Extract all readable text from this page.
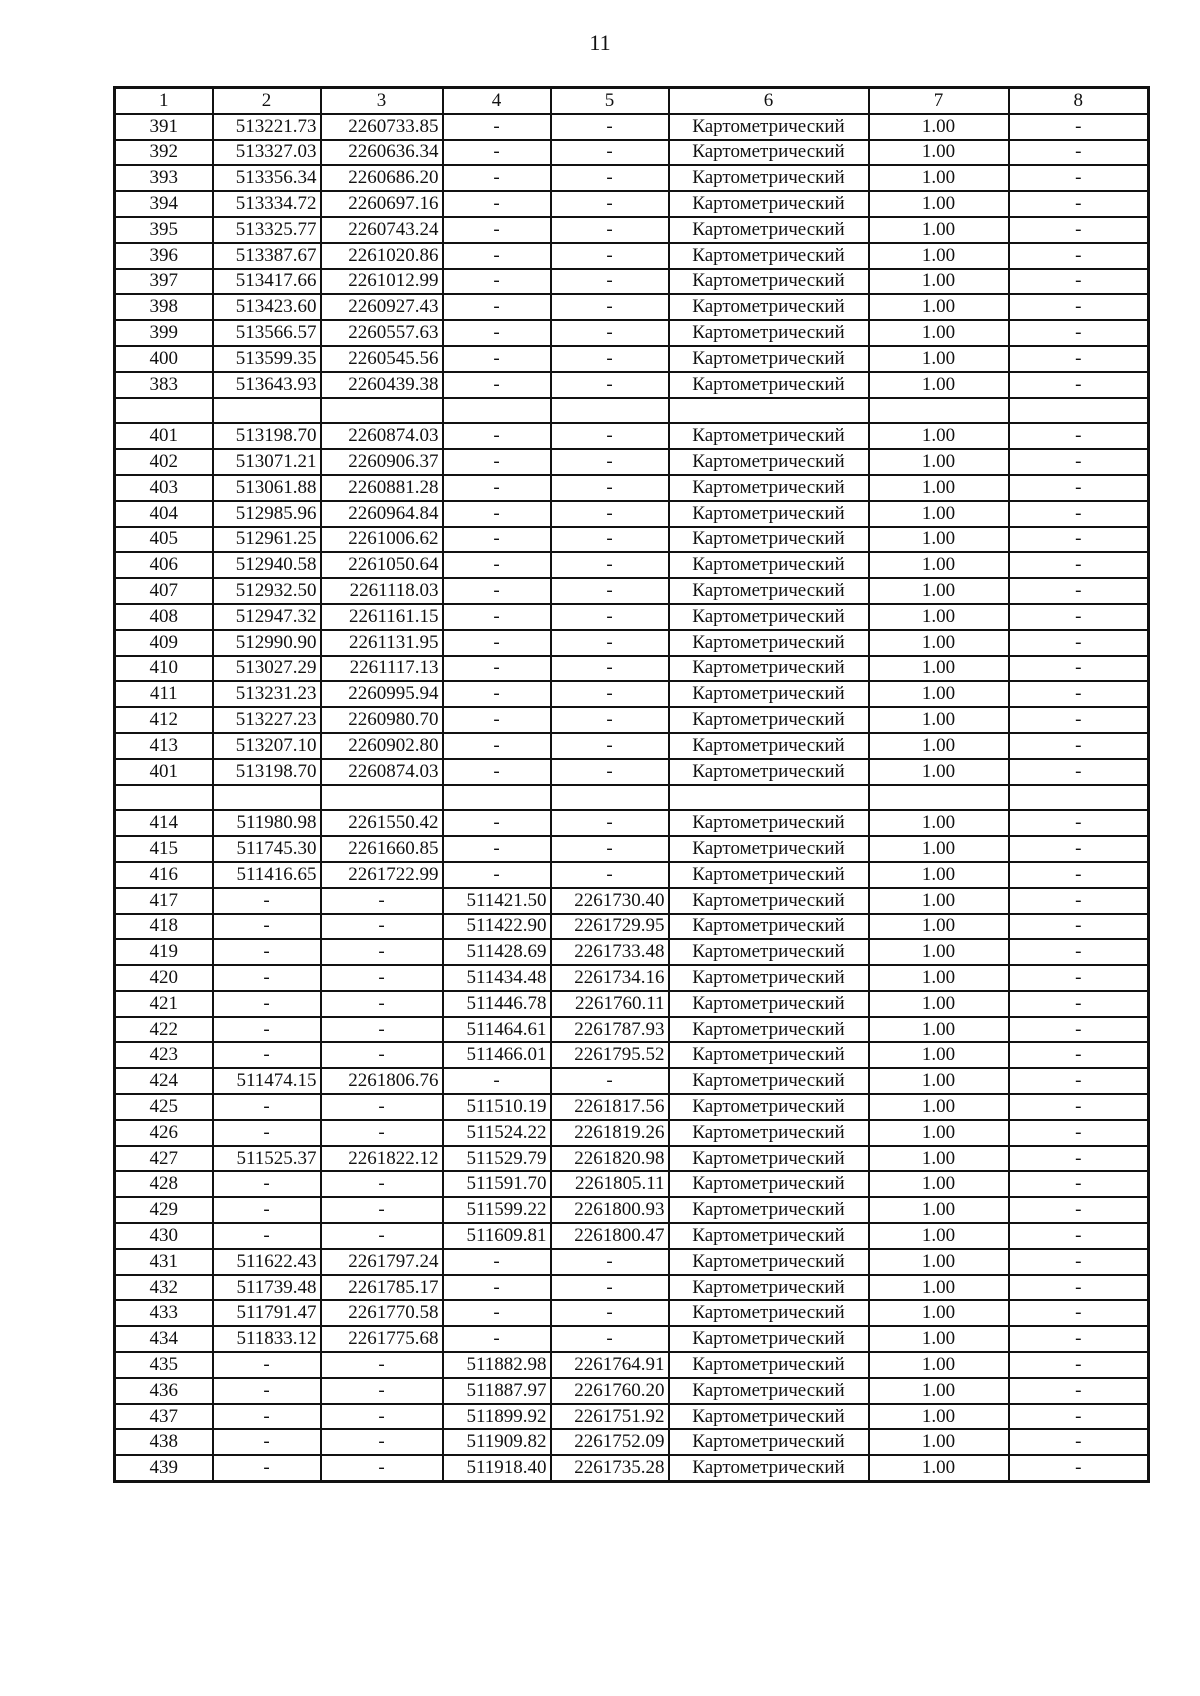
11
1	2	3	4	5	6	7	8
391	513221.73	2260733.85	-	-	Картометрический	1.00	-
392	513327.03	2260636.34	-	-	Картометрический	1.00	-
393	513356.34	2260686.20	-	-	Картометрический	1.00	-
394	513334.72	2260697.16	-	-	Картометрический	1.00	-
395	513325.77	2260743.24	-	-	Картометрический	1.00	-
396	513387.67	2261020.86	-	-	Картометрический	1.00	-
397	513417.66	2261012.99	-	-	Картометрический	1.00	-
398	513423.60	2260927.43	-	-	Картометрический	1.00	-
399	513566.57	2260557.63	-	-	Картометрический	1.00	-
400	513599.35	2260545.56	-	-	Картометрический	1.00	-
383	513643.93	2260439.38	-	-	Картометрический	1.00	-

401	513198.70	2260874.03	-	-	Картометрический	1.00	-
402	513071.21	2260906.37	-	-	Картометрический	1.00	-
403	513061.88	2260881.28	-	-	Картометрический	1.00	-
404	512985.96	2260964.84	-	-	Картометрический	1.00	-
405	512961.25	2261006.62	-	-	Картометрический	1.00	-
406	512940.58	2261050.64	-	-	Картометрический	1.00	-
407	512932.50	2261118.03	-	-	Картометрический	1.00	-
408	512947.32	2261161.15	-	-	Картометрический	1.00	-
409	512990.90	2261131.95	-	-	Картометрический	1.00	-
410	513027.29	2261117.13	-	-	Картометрический	1.00	-
411	513231.23	2260995.94	-	-	Картометрический	1.00	-
412	513227.23	2260980.70	-	-	Картометрический	1.00	-
413	513207.10	2260902.80	-	-	Картометрический	1.00	-
401	513198.70	2260874.03	-	-	Картометрический	1.00	-

414	511980.98	2261550.42	-	-	Картометрический	1.00	-
415	511745.30	2261660.85	-	-	Картометрический	1.00	-
416	511416.65	2261722.99	-	-	Картометрический	1.00	-
417	-	-	511421.50	2261730.40	Картометрический	1.00	-
418	-	-	511422.90	2261729.95	Картометрический	1.00	-
419	-	-	511428.69	2261733.48	Картометрический	1.00	-
420	-	-	511434.48	2261734.16	Картометрический	1.00	-
421	-	-	511446.78	2261760.11	Картометрический	1.00	-
422	-	-	511464.61	2261787.93	Картометрический	1.00	-
423	-	-	511466.01	2261795.52	Картометрический	1.00	-
424	511474.15	2261806.76	-	-	Картометрический	1.00	-
425	-	-	511510.19	2261817.56	Картометрический	1.00	-
426	-	-	511524.22	2261819.26	Картометрический	1.00	-
427	511525.37	2261822.12	511529.79	2261820.98	Картометрический	1.00	-
428	-	-	511591.70	2261805.11	Картометрический	1.00	-
429	-	-	511599.22	2261800.93	Картометрический	1.00	-
430	-	-	511609.81	2261800.47	Картометрический	1.00	-
431	511622.43	2261797.24	-	-	Картометрический	1.00	-
432	511739.48	2261785.17	-	-	Картометрический	1.00	-
433	511791.47	2261770.58	-	-	Картометрический	1.00	-
434	511833.12	2261775.68	-	-	Картометрический	1.00	-
435	-	-	511882.98	2261764.91	Картометрический	1.00	-
436	-	-	511887.97	2261760.20	Картометрический	1.00	-
437	-	-	511899.92	2261751.92	Картометрический	1.00	-
438	-	-	511909.82	2261752.09	Картометрический	1.00	-
439	-	-	511918.40	2261735.28	Картометрический	1.00	-
